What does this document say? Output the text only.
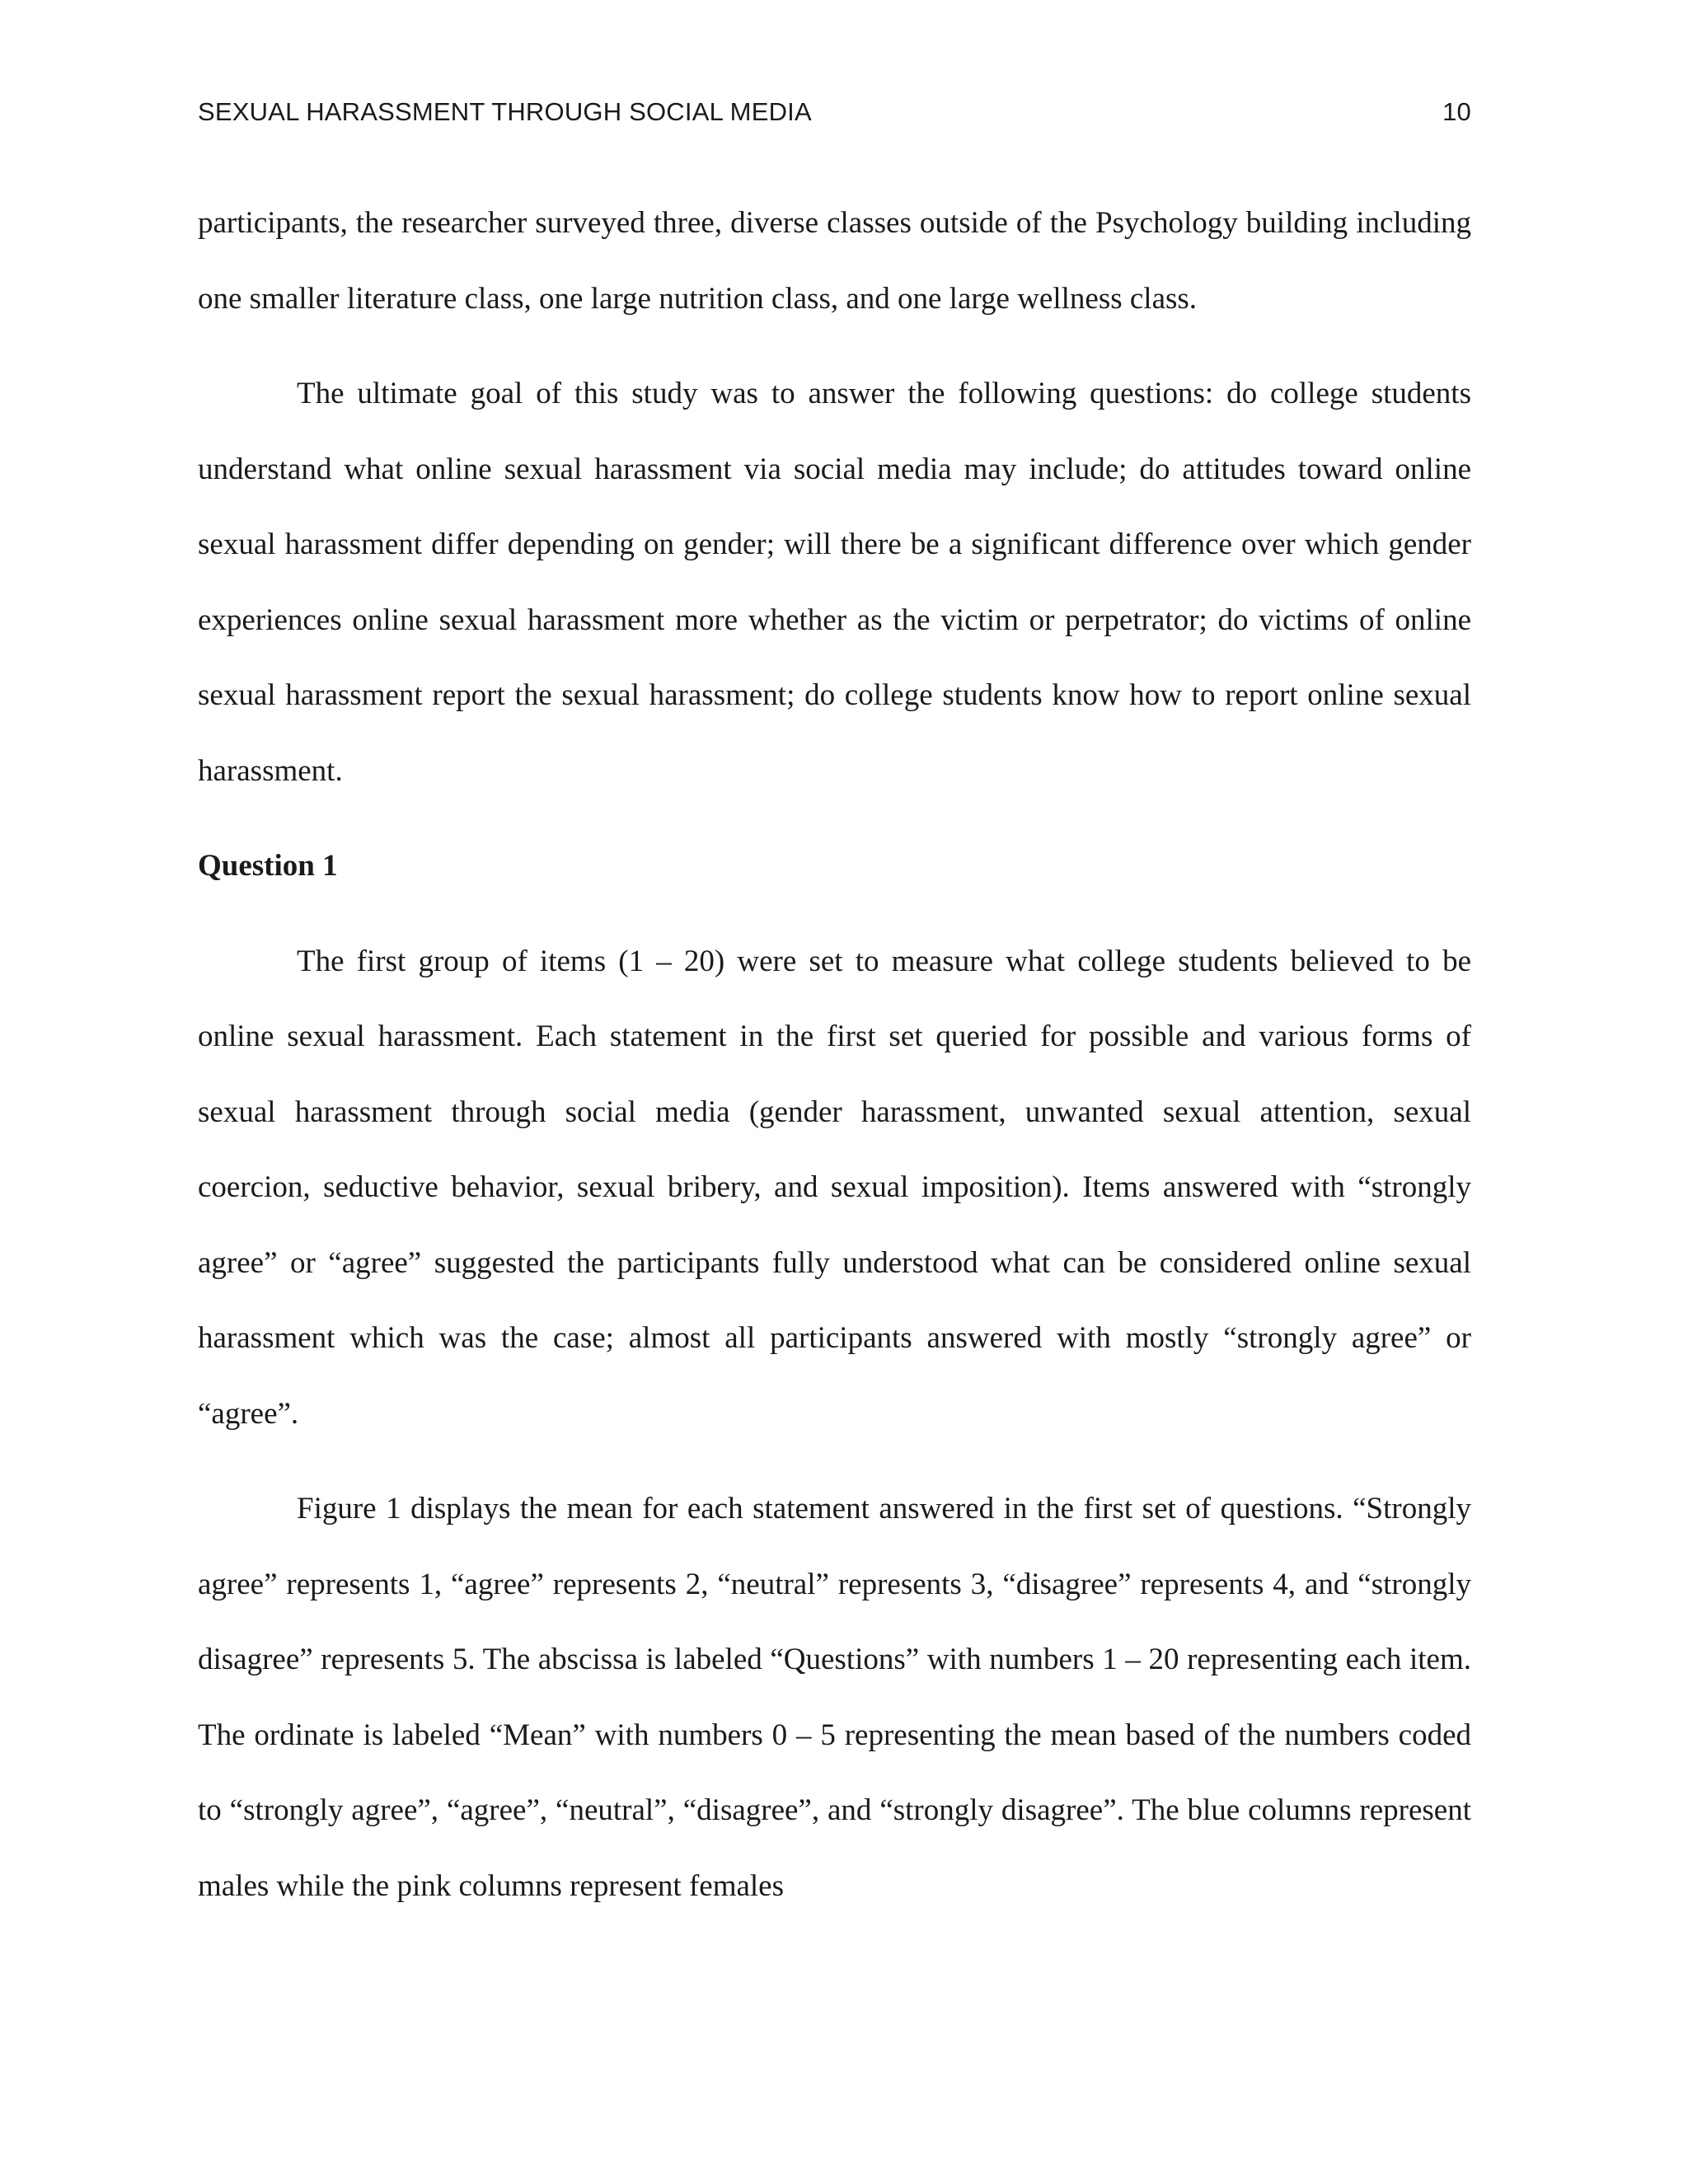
SEXUAL HARASSMENT THROUGH SOCIAL MEDIA	10

participants, the researcher surveyed three, diverse classes outside of the Psychology building including one smaller literature class, one large nutrition class, and one large wellness class.

The ultimate goal of this study was to answer the following questions: do college students understand what online sexual harassment via social media may include; do attitudes toward online sexual harassment differ depending on gender; will there be a significant difference over which gender experiences online sexual harassment more whether as the victim or perpetrator; do victims of online sexual harassment report the sexual harassment; do college students know how to report online sexual harassment.

Question 1

The first group of items (1 – 20) were set to measure what college students believed to be online sexual harassment. Each statement in the first set queried for possible and various forms of sexual harassment through social media (gender harassment, unwanted sexual attention, sexual coercion, seductive behavior, sexual bribery, and sexual imposition). Items answered with “strongly agree” or “agree” suggested the participants fully understood what can be considered online sexual harassment which was the case; almost all participants answered with mostly “strongly agree” or “agree”.

Figure 1 displays the mean for each statement answered in the first set of questions. “Strongly agree” represents 1, “agree” represents 2, “neutral” represents 3, “disagree” represents 4, and “strongly disagree” represents 5. The abscissa is labeled “Questions” with numbers 1 – 20 representing each item. The ordinate is labeled “Mean” with numbers 0 – 5 representing the mean based of the numbers coded to “strongly agree”, “agree”, “neutral”, “disagree”, and “strongly disagree”. The blue columns represent males while the pink columns represent females
